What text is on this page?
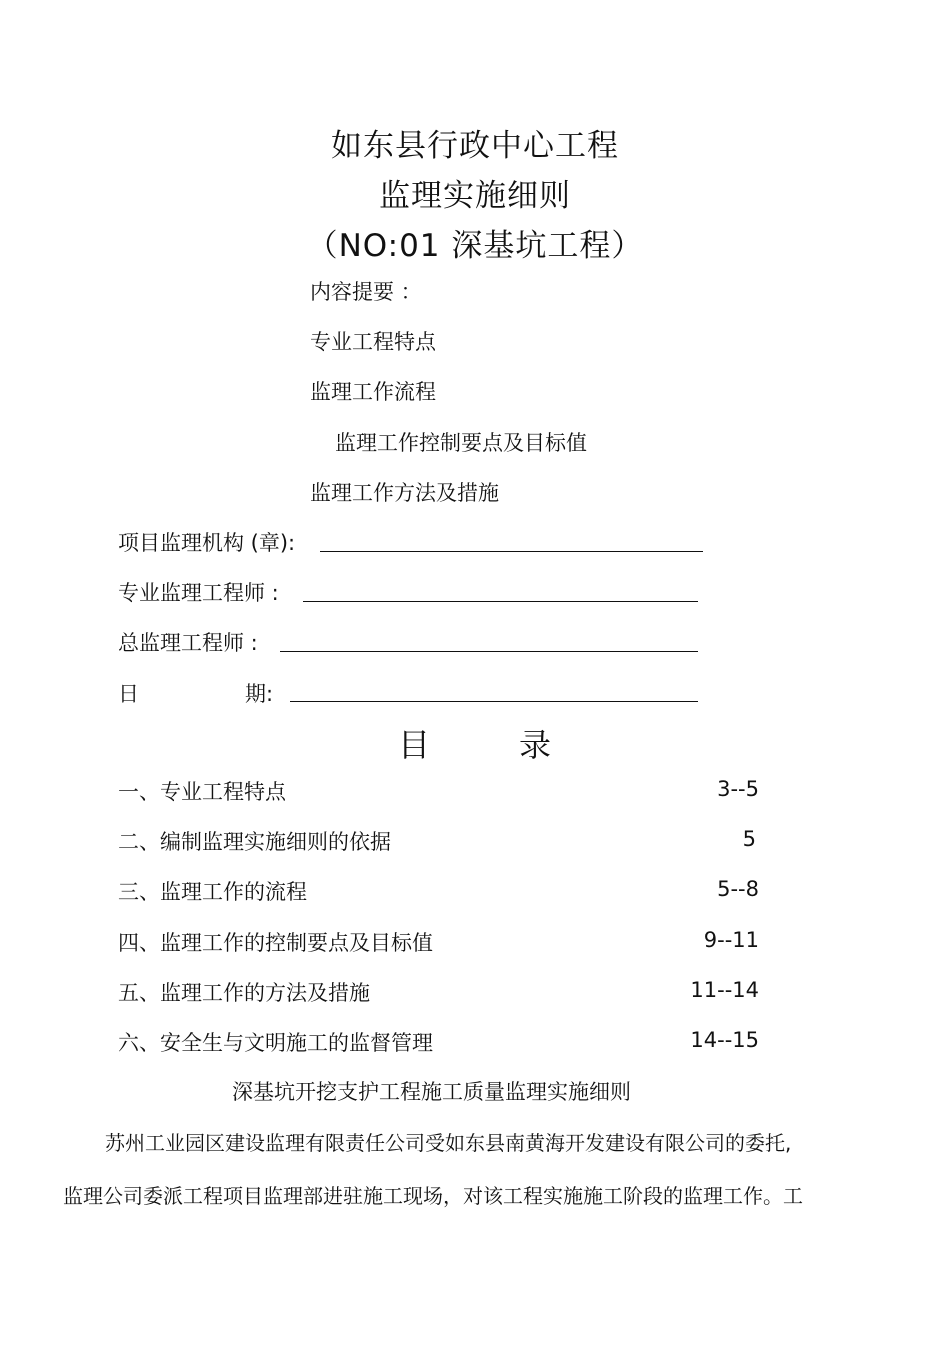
如东县行政中心工程
监理实施细则
（NO:01 深基坑工程）
内容提要 ：
专业工程特点
监理工作流程
监理工作控制要点及目标值
监理工作方法及措施
项目监理机构 (章):
专业监理工程师 :
总监理工程师 :
日	期:
目	录
一、专业工程特点	3--5
二、编制监理实施细则的依据	5
三、监理工作的流程	5--8
四、监理工作的控制要点及目标值	9--11
五、监理工作的方法及措施	11--14
六、安全生与文明施工的监督管理	14--15
深基坑开挖支护工程施工质量监理实施细则
苏州工业园区建设监理有限责任公司受如东县南黄海开发建设有限公司的委托,
监理公司委派工程项目监理部进驻施工现场，对该工程实施施工阶段的监理工作。工
